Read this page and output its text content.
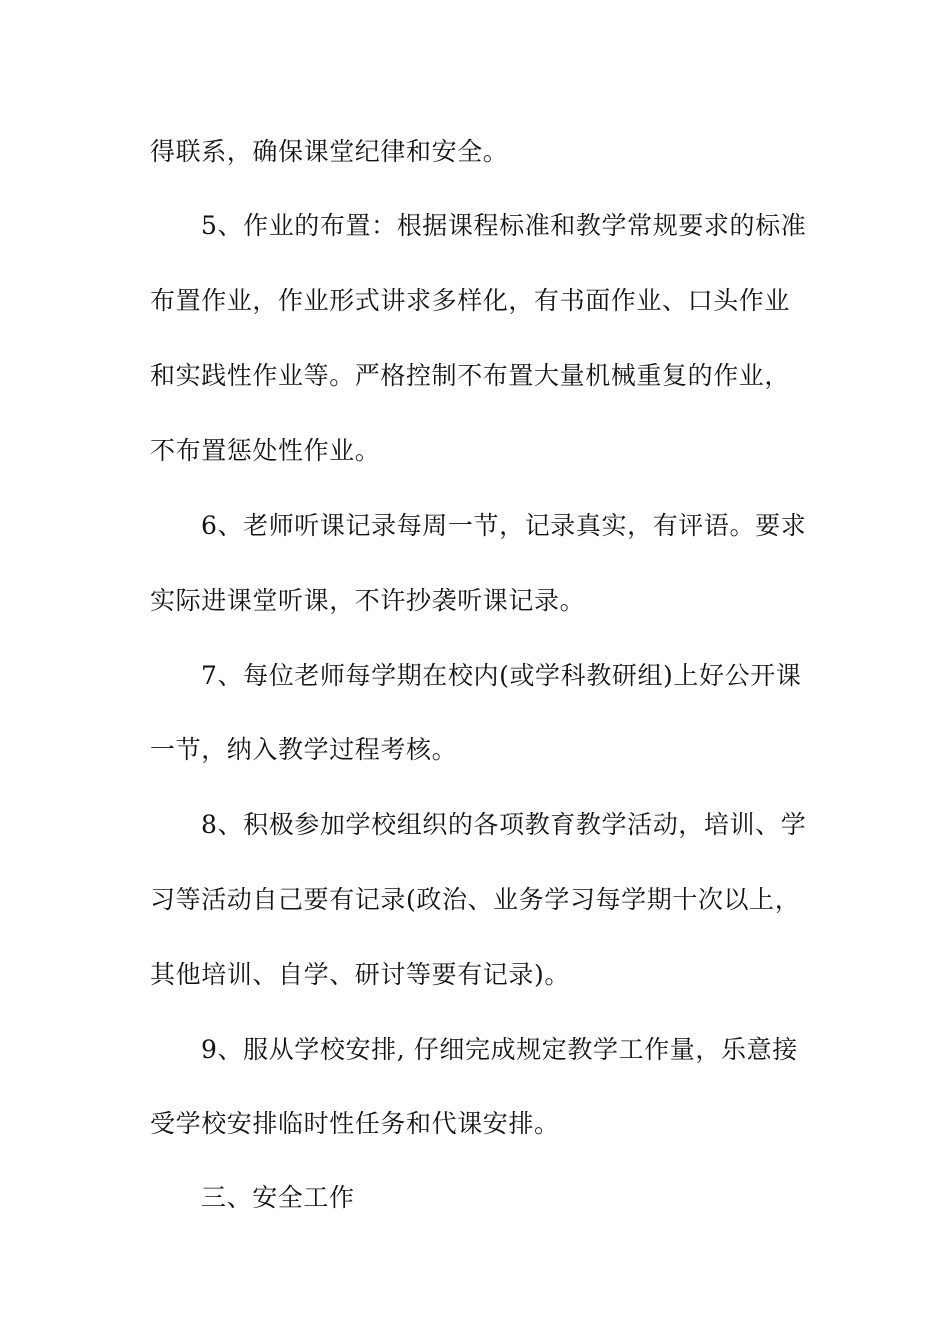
得联系，确保课堂纪律和安全。
5、作业的布置：根据课程标准和教学常规要求的标准
布置作业，作业形式讲求多样化，有书面作业、口头作业
和实践性作业等。严格控制不布置大量机械重复的作业，
不布置惩处性作业。
6、老师听课记录每周一节，记录真实，有评语。要求
实际进课堂听课，不许抄袭听课记录。
7、每位老师每学期在校内(或学科教研组)上好公开课
一节，纳入教学过程考核。
8、积极参加学校组织的各项教育教学活动，培训、学
习等活动自己要有记录(政治、业务学习每学期十次以上，
其他培训、自学、研讨等要有记录)。
9、服从学校安排, 仔细完成规定教学工作量，乐意接
受学校安排临时性任务和代课安排。
三、安全工作
